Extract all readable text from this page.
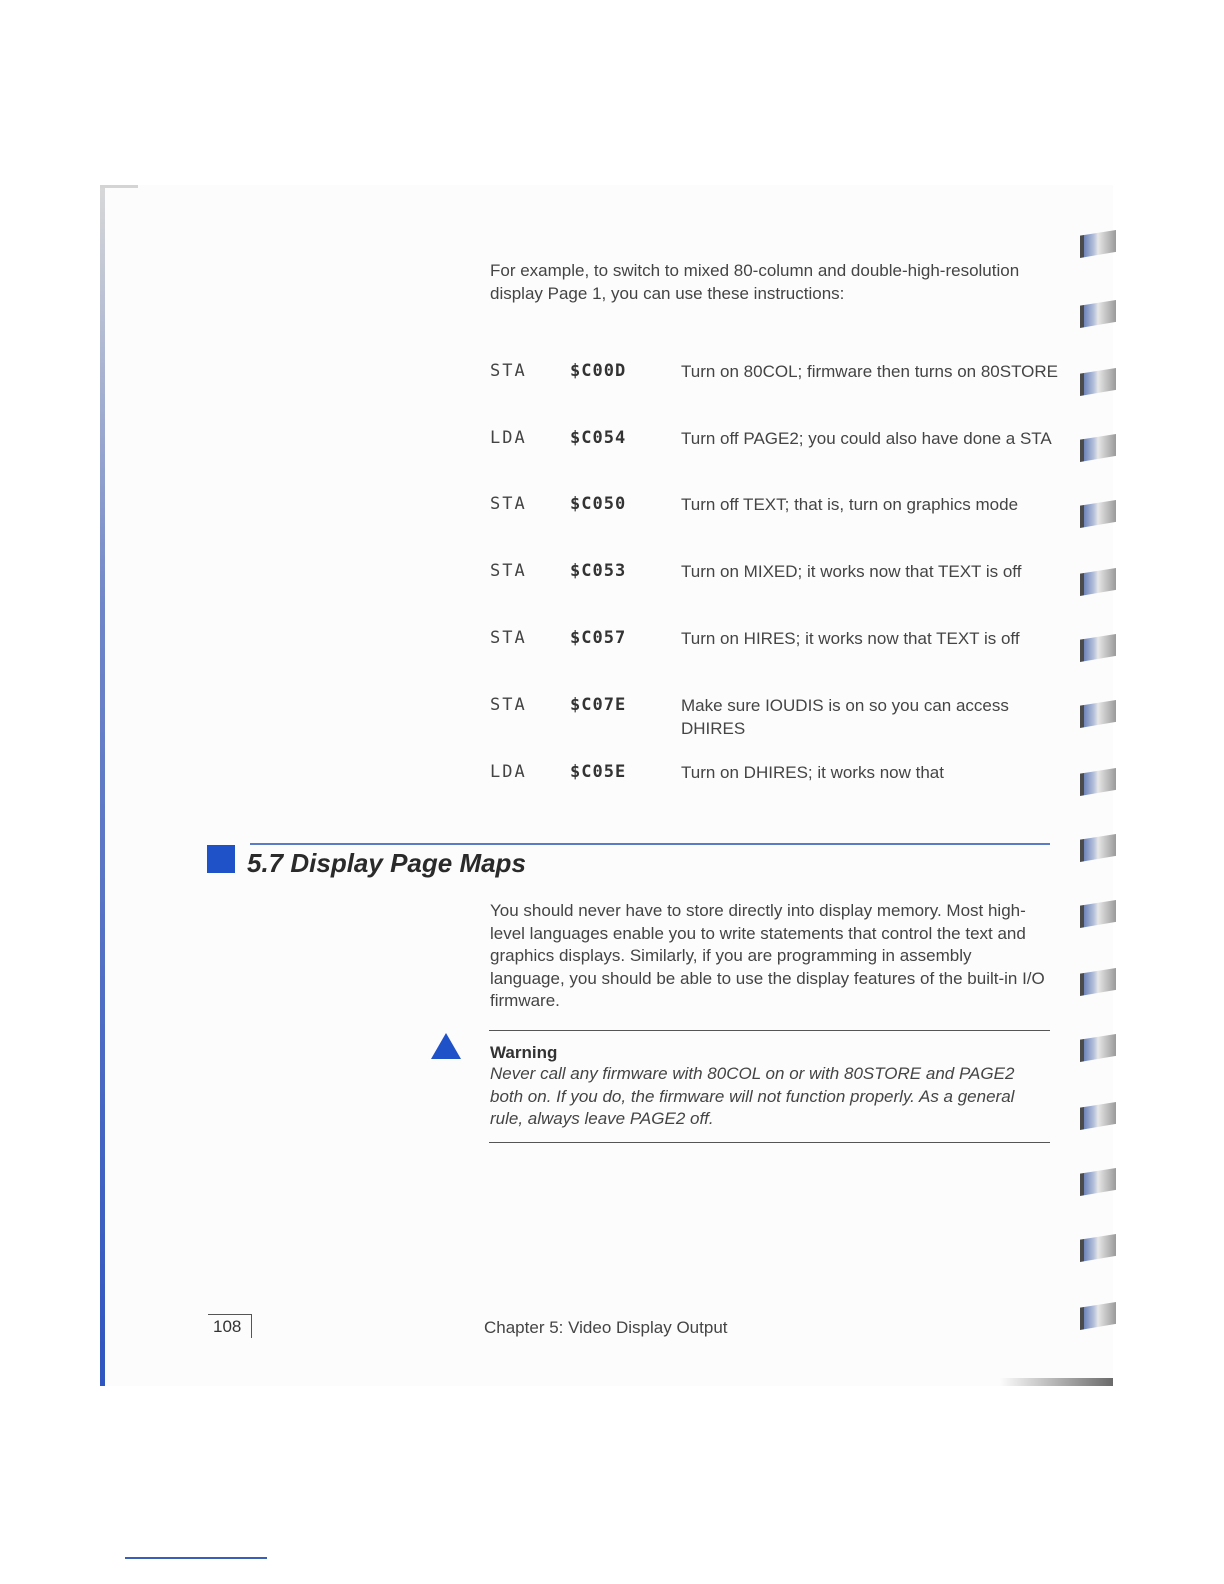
For example, to switch to mixed 80-column and double-high-resolution display Page 1, you can use these instructions:
STA	$C00D	Turn on 80COL; firmware then turns on 80STORE
LDA	$C054	Turn off PAGE2; you could also have done a STA
STA	$C050	Turn off TEXT; that is, turn on graphics mode
STA	$C053	Turn on MIXED; it works now that TEXT is off
STA	$C057	Turn on HIRES; it works now that TEXT is off
STA	$C07E	Make sure IOUDIS is on so you can access DHIRES
LDA	$C05E	Turn on DHIRES; it works now that
5.7 Display Page Maps
You should never have to store directly into display memory. Most high-level languages enable you to write statements that control the text and graphics displays. Similarly, if you are programming in assembly language, you should be able to use the display features of the built-in I/O firmware.
Warning
Never call any firmware with 80COL on or with 80STORE and PAGE2 both on. If you do, the firmware will not function properly. As a general rule, always leave PAGE2 off.
108	Chapter 5: Video Display Output
